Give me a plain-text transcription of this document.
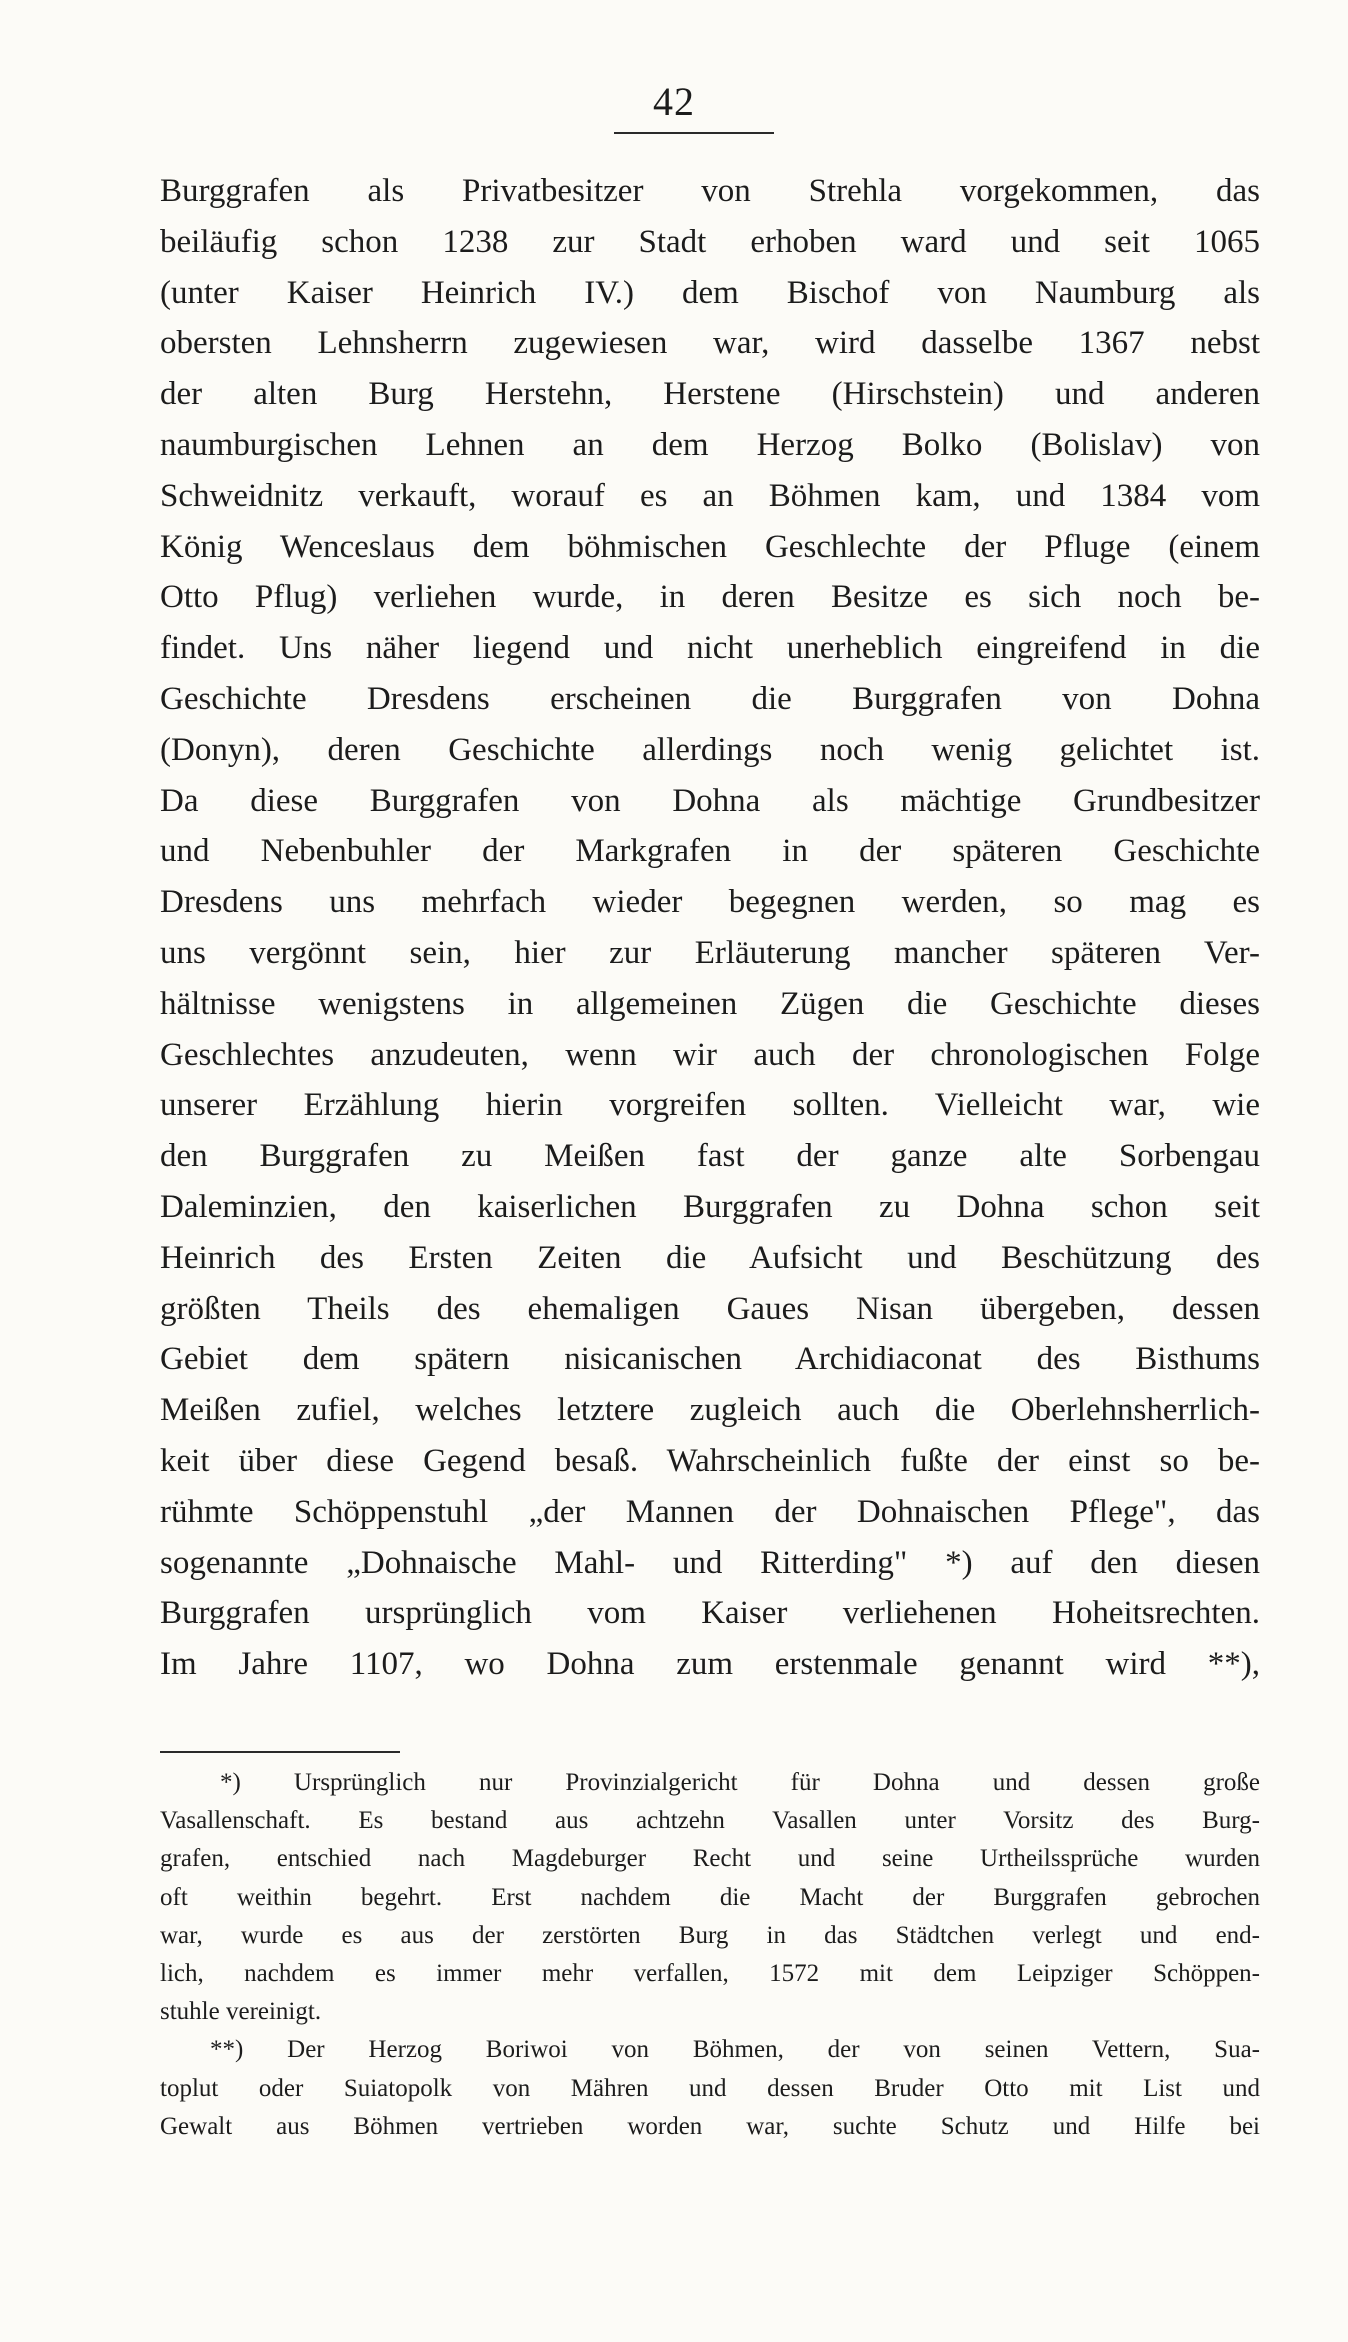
42
Burggrafen als Privatbesitzer von Strehla vorgekommen, das
beiläufig schon 1238 zur Stadt erhoben ward und seit 1065
(unter Kaiser Heinrich IV.) dem Bischof von Naumburg als
obersten Lehnsherrn zugewiesen war, wird dasselbe 1367 nebst
der alten Burg Herstehn, Herstene (Hirschstein) und anderen
naumburgischen Lehnen an dem Herzog Bolko (Bolislav) von
Schweidnitz verkauft, worauf es an Böhmen kam, und 1384 vom
König Wenceslaus dem böhmischen Geschlechte der Pfluge (einem
Otto Pflug) verliehen wurde, in deren Besitze es sich noch be-
findet. Uns näher liegend und nicht unerheblich eingreifend in die
Geschichte Dresdens erscheinen die Burggrafen von Dohna
(Donyn), deren Geschichte allerdings noch wenig gelichtet ist.
Da diese Burggrafen von Dohna als mächtige Grundbesitzer
und Nebenbuhler der Markgrafen in der späteren Geschichte
Dresdens uns mehrfach wieder begegnen werden, so mag es
uns vergönnt sein, hier zur Erläuterung mancher späteren Ver-
hältnisse wenigstens in allgemeinen Zügen die Geschichte dieses
Geschlechtes anzudeuten, wenn wir auch der chronologischen Folge
unserer Erzählung hierin vorgreifen sollten. Vielleicht war, wie
den Burggrafen zu Meißen fast der ganze alte Sorbengau
Daleminzien, den kaiserlichen Burggrafen zu Dohna schon seit
Heinrich des Ersten Zeiten die Aufsicht und Beschützung des
größten Theils des ehemaligen Gaues Nisan übergeben, dessen
Gebiet dem spätern nisicanischen Archidiaconat des Bisthums
Meißen zufiel, welches letztere zugleich auch die Oberlehnsherrlich-
keit über diese Gegend besaß. Wahrscheinlich fußte der einst so be-
rühmte Schöppenstuhl „der Mannen der Dohnaischen Pflege", das
sogenannte „Dohnaische Mahl- und Ritterding" *) auf den diesen
Burggrafen ursprünglich vom Kaiser verliehenen Hoheitsrechten.
Im Jahre 1107, wo Dohna zum erstenmale genannt wird **),
*) Ursprünglich nur Provinzialgericht für Dohna und dessen große
Vasallenschaft. Es bestand aus achtzehn Vasallen unter Vorsitz des Burg-
grafen, entschied nach Magdeburger Recht und seine Urtheilssprüche wurden
oft weithin begehrt. Erst nachdem die Macht der Burggrafen gebrochen
war, wurde es aus der zerstörten Burg in das Städtchen verlegt und end-
lich, nachdem es immer mehr verfallen, 1572 mit dem Leipziger Schöppen-
stuhle vereinigt.
**) Der Herzog Boriwoi von Böhmen, der von seinen Vettern, Sua-
toplut oder Suiatopolk von Mähren und dessen Bruder Otto mit List und
Gewalt aus Böhmen vertrieben worden war, suchte Schutz und Hilfe bei
